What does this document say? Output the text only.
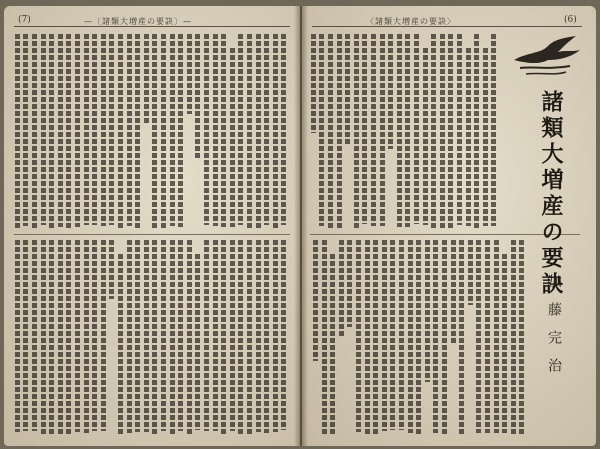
(7)	—〔諸類大増産の要訣〕—	〈諸類大増産の要訣〉	(6)
諸類大増産の要訣
加藤完治
